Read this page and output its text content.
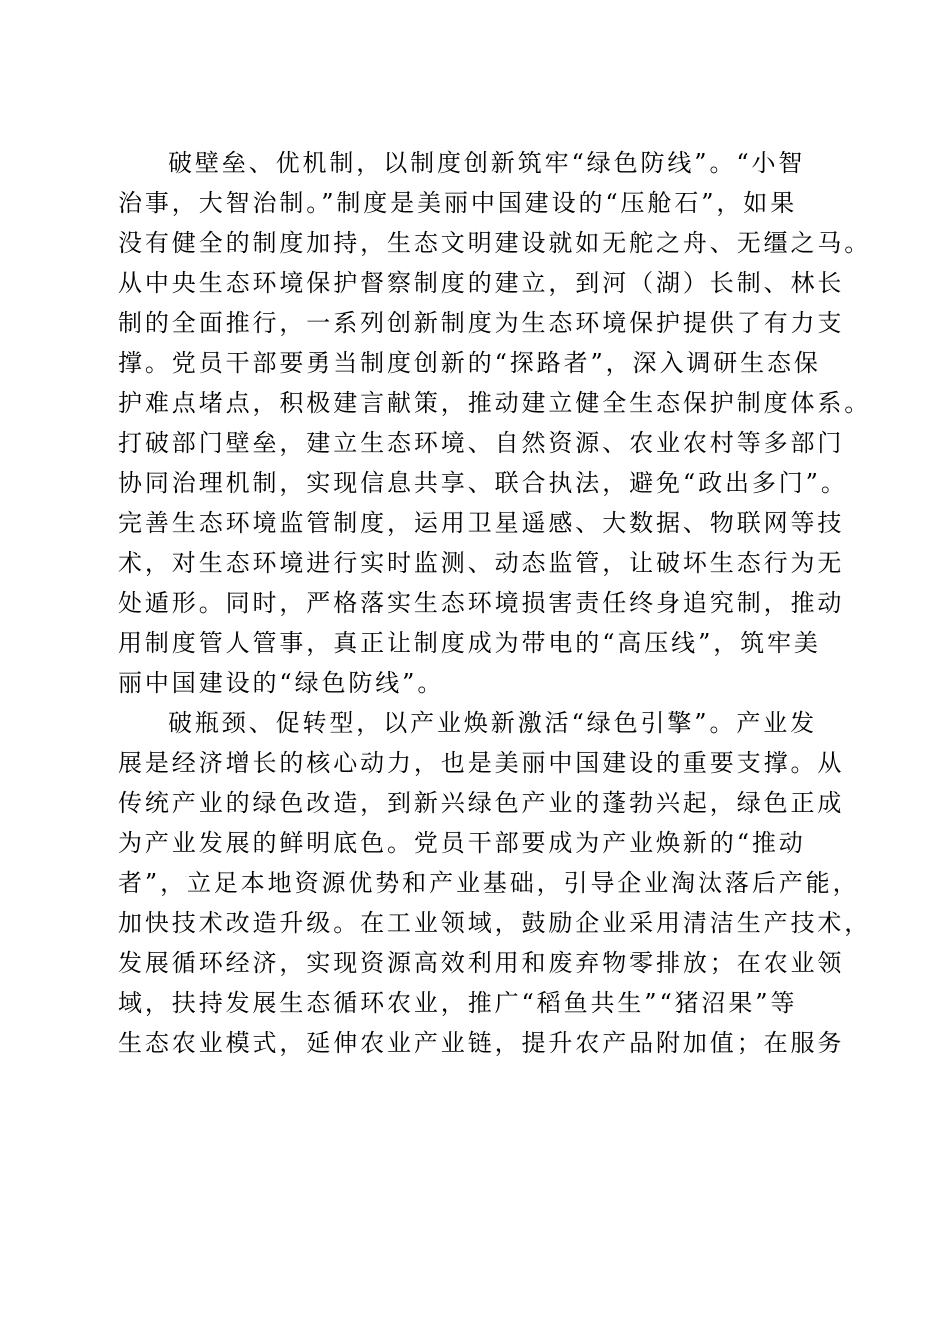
破壁垒、优机制，以制度创新筑牢“绿色防线”。“小智
治事，大智治制。”制度是美丽中国建设的“压舱石”，如果
没有健全的制度加持，生态文明建设就如无舵之舟、无缰之马。
从中央生态环境保护督察制度的建立，到河（湖）长制、林长
制的全面推行，一系列创新制度为生态环境保护提供了有力支
撑。党员干部要勇当制度创新的“探路者”，深入调研生态保
护难点堵点，积极建言献策，推动建立健全生态保护制度体系。
打破部门壁垒，建立生态环境、自然资源、农业农村等多部门
协同治理机制，实现信息共享、联合执法，避免“政出多门”。
完善生态环境监管制度，运用卫星遥感、大数据、物联网等技
术，对生态环境进行实时监测、动态监管，让破坏生态行为无
处遁形。同时，严格落实生态环境损害责任终身追究制，推动
用制度管人管事，真正让制度成为带电的“高压线”，筑牢美
丽中国建设的“绿色防线”。
破瓶颈、促转型，以产业焕新激活“绿色引擎”。产业发
展是经济增长的核心动力，也是美丽中国建设的重要支撑。从
传统产业的绿色改造，到新兴绿色产业的蓬勃兴起，绿色正成
为产业发展的鲜明底色。党员干部要成为产业焕新的“推动
者”，立足本地资源优势和产业基础，引导企业淘汰落后产能，
加快技术改造升级。在工业领域，鼓励企业采用清洁生产技术，
发展循环经济，实现资源高效利用和废弃物零排放；在农业领
域，扶持发展生态循环农业，推广“稻鱼共生”“猪沼果”等
生态农业模式，延伸农业产业链，提升农产品附加值；在服务
